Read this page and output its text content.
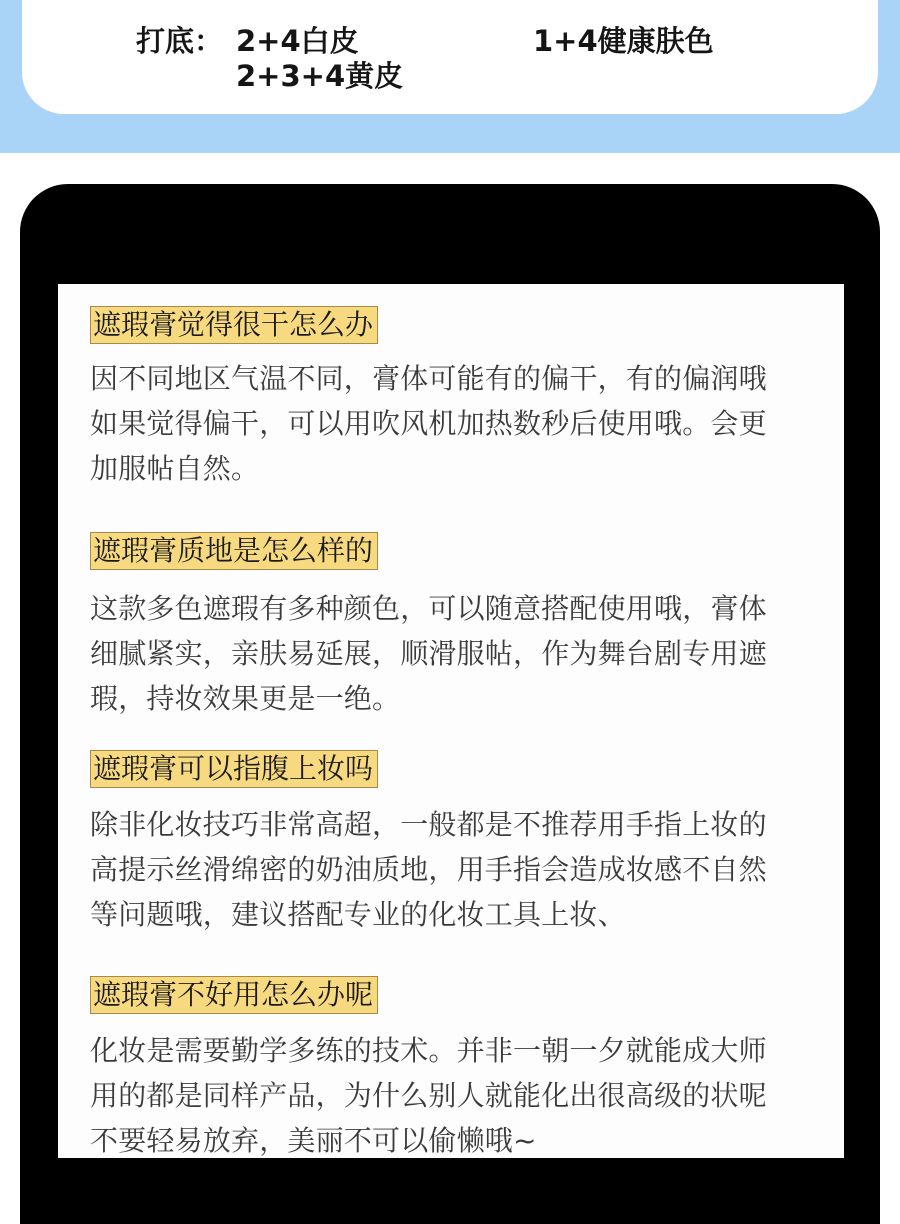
打底： 2+4白皮
2+3+4黄皮
1+4健康肤色
遮瑕膏觉得很干怎么办

因不同地区气温不同，膏体可能有的偏干，有的偏润哦
如果觉得偏干，可以用吹风机加热数秒后使用哦。会更
加服帖自然。

遮瑕膏质地是怎么样的

这款多色遮瑕有多种颜色，可以随意搭配使用哦，膏体
细腻紧实，亲肤易延展，顺滑服帖，作为舞台剧专用遮
瑕，持妆效果更是一绝。

遮瑕膏可以指腹上妆吗

除非化妆技巧非常高超，一般都是不推荐用手指上妆的
高提示丝滑绵密的奶油质地，用手指会造成妆感不自然
等问题哦，建议搭配专业的化妆工具上妆、

遮瑕膏不好用怎么办呢

化妆是需要勤学多练的技术。并非一朝一夕就能成大师
用的都是同样产品，为什么别人就能化出很高级的状呢
不要轻易放弃，美丽不可以偷懒哦~
